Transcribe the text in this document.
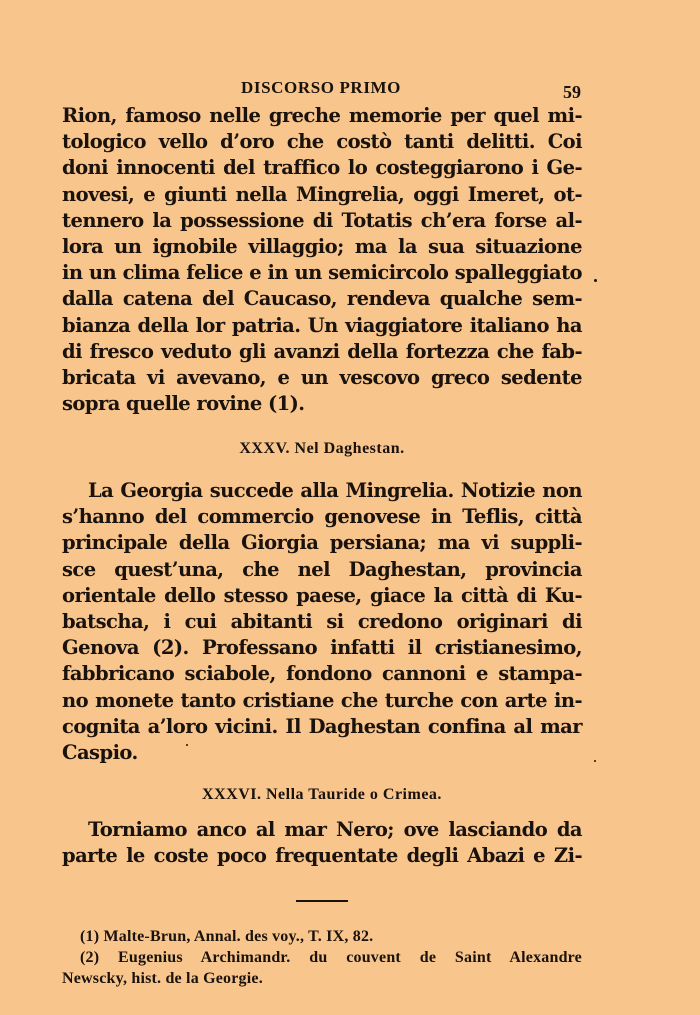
DISCORSO PRIMO	59
Rion, famoso nelle greche memorie per quel mi-
tologico vello d’oro che costò tanti delitti. Coi
doni innocenti del traffico lo costeggiarono i Ge-
novesi, e giunti nella Mingrelia, oggi Imeret, ot-
tennero la possessione di Totatis ch’era forse al-
lora un ignobile villaggio; ma la sua situazione
in un clima felice e in un semicircolo spalleggiato
dalla catena del Caucaso, rendeva qualche sem-
bianza della lor patria. Un viaggiatore italiano ha
di fresco veduto gli avanzi della fortezza che fab-
bricata vi avevano, e un vescovo greco sedente
sopra quelle rovine (1).
XXXV. Nel Daghestan.
La Georgia succede alla Mingrelia. Notizie non
s’hanno del commercio genovese in Teflis, città
principale della Giorgia persiana; ma vi suppli-
sce quest’una, che nel Daghestan, provincia
orientale dello stesso paese, giace la città di Ku-
batscha, i cui abitanti si credono originari di
Genova (2). Professano infatti il cristianesimo,
fabbricano sciabole, fondono cannoni e stampa-
no monete tanto cristiane che turche con arte in-
cognita a’loro vicini. Il Daghestan confina al mar
Caspio.
XXXVI. Nella Tauride o Crimea.
Torniamo anco al mar Nero; ove lasciando da
parte le coste poco frequentate degli Abazi e Zi-
(1) Malte-Brun, Annal. des voy., T. IX, 82.
(2) Eugenius Archimandr. du couvent de Saint Alexandre
Newscky, hist. de la Georgie.
